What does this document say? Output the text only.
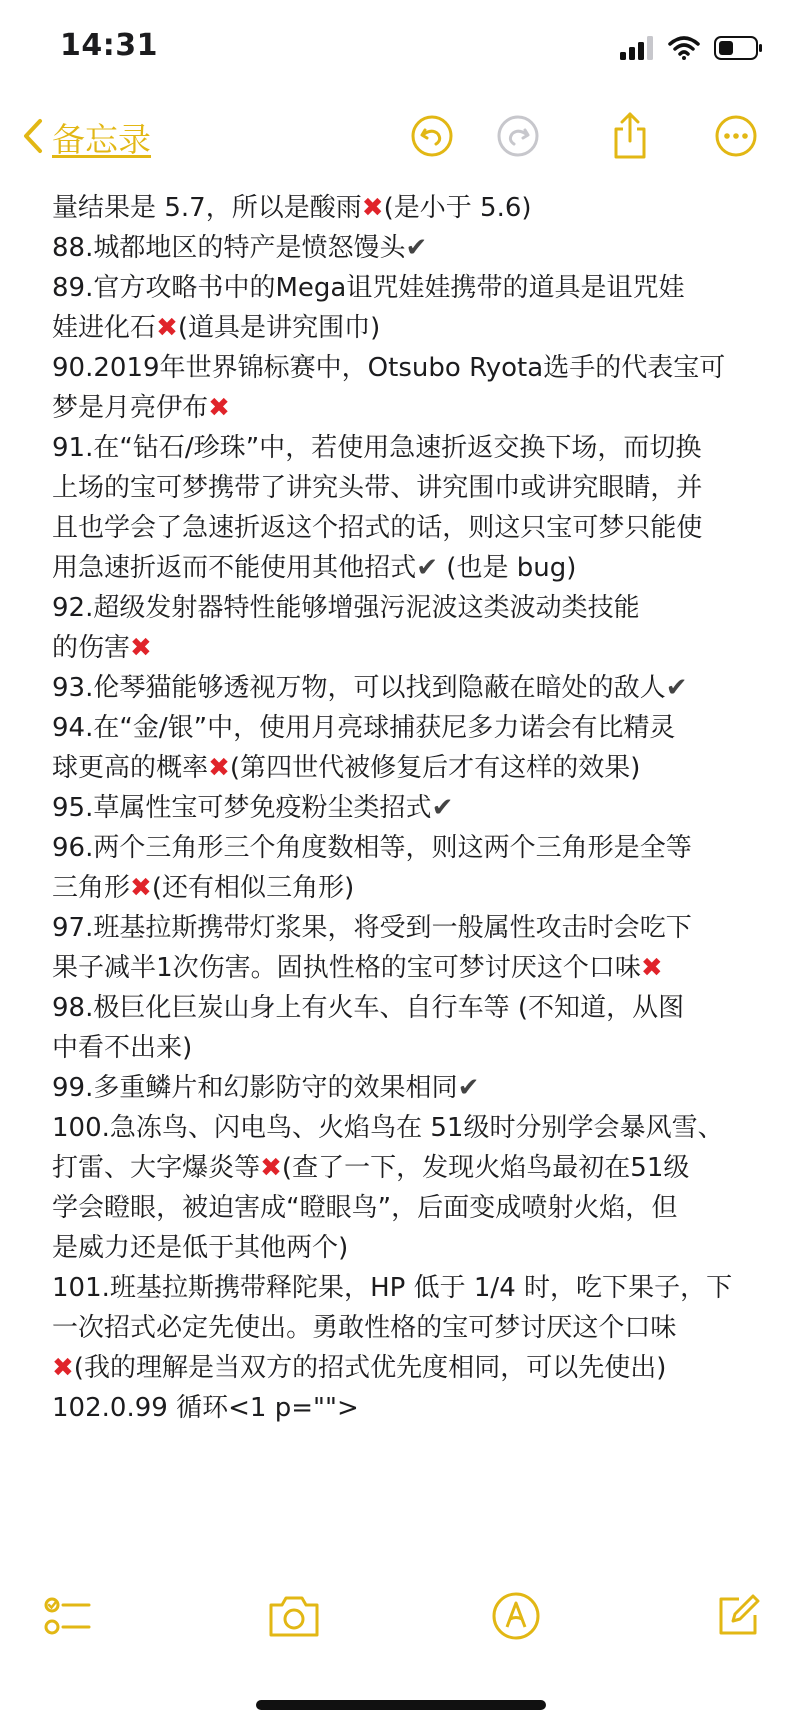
14:31
备忘录
量结果是 5.7，所以是酸雨✖(是小于 5.6)
88.城都地区的特产是愤怒馒头✔
89.官方攻略书中的Mega诅咒娃娃携带的道具是诅咒娃
娃进化石✖(道具是讲究围巾)
90.2019年世界锦标赛中，Otsubo Ryota选手的代表宝可
梦是月亮伊布✖
91.在“钻石/珍珠”中，若使用急速折返交换下场，而切换
上场的宝可梦携带了讲究头带、讲究围巾或讲究眼睛，并
且也学会了急速折返这个招式的话，则这只宝可梦只能使
用急速折返而不能使用其他招式✔ (也是 bug)
92.超级发射器特性能够增强污泥波这类波动类技能
的伤害✖
93.伦琴猫能够透视万物，可以找到隐蔽在暗处的敌人✔
94.在“金/银”中，使用月亮球捕获尼多力诺会有比精灵
球更高的概率✖(第四世代被修复后才有这样的效果)
95.草属性宝可梦免疫粉尘类招式✔
96.两个三角形三个角度数相等，则这两个三角形是全等
三角形✖(还有相似三角形)
97.班基拉斯携带灯浆果，将受到一般属性攻击时会吃下
果子减半1次伤害。固执性格的宝可梦讨厌这个口味✖
98.极巨化巨炭山身上有火车、自行车等 (不知道，从图
中看不出来)
99.多重鳞片和幻影防守的效果相同✔
100.急冻鸟、闪电鸟、火焰鸟在 51级时分别学会暴风雪、
打雷、大字爆炎等✖(查了一下，发现火焰鸟最初在51级
学会瞪眼，被迫害成“瞪眼鸟”，后面变成喷射火焰，但
是威力还是低于其他两个)
101.班基拉斯携带释陀果，HP 低于 1/4 时，吃下果子，下
一次招式必定先使出。勇敢性格的宝可梦讨厌这个口味
✖(我的理解是当双方的招式优先度相同，可以先使出)
102.0.99 循环<1 p="">
